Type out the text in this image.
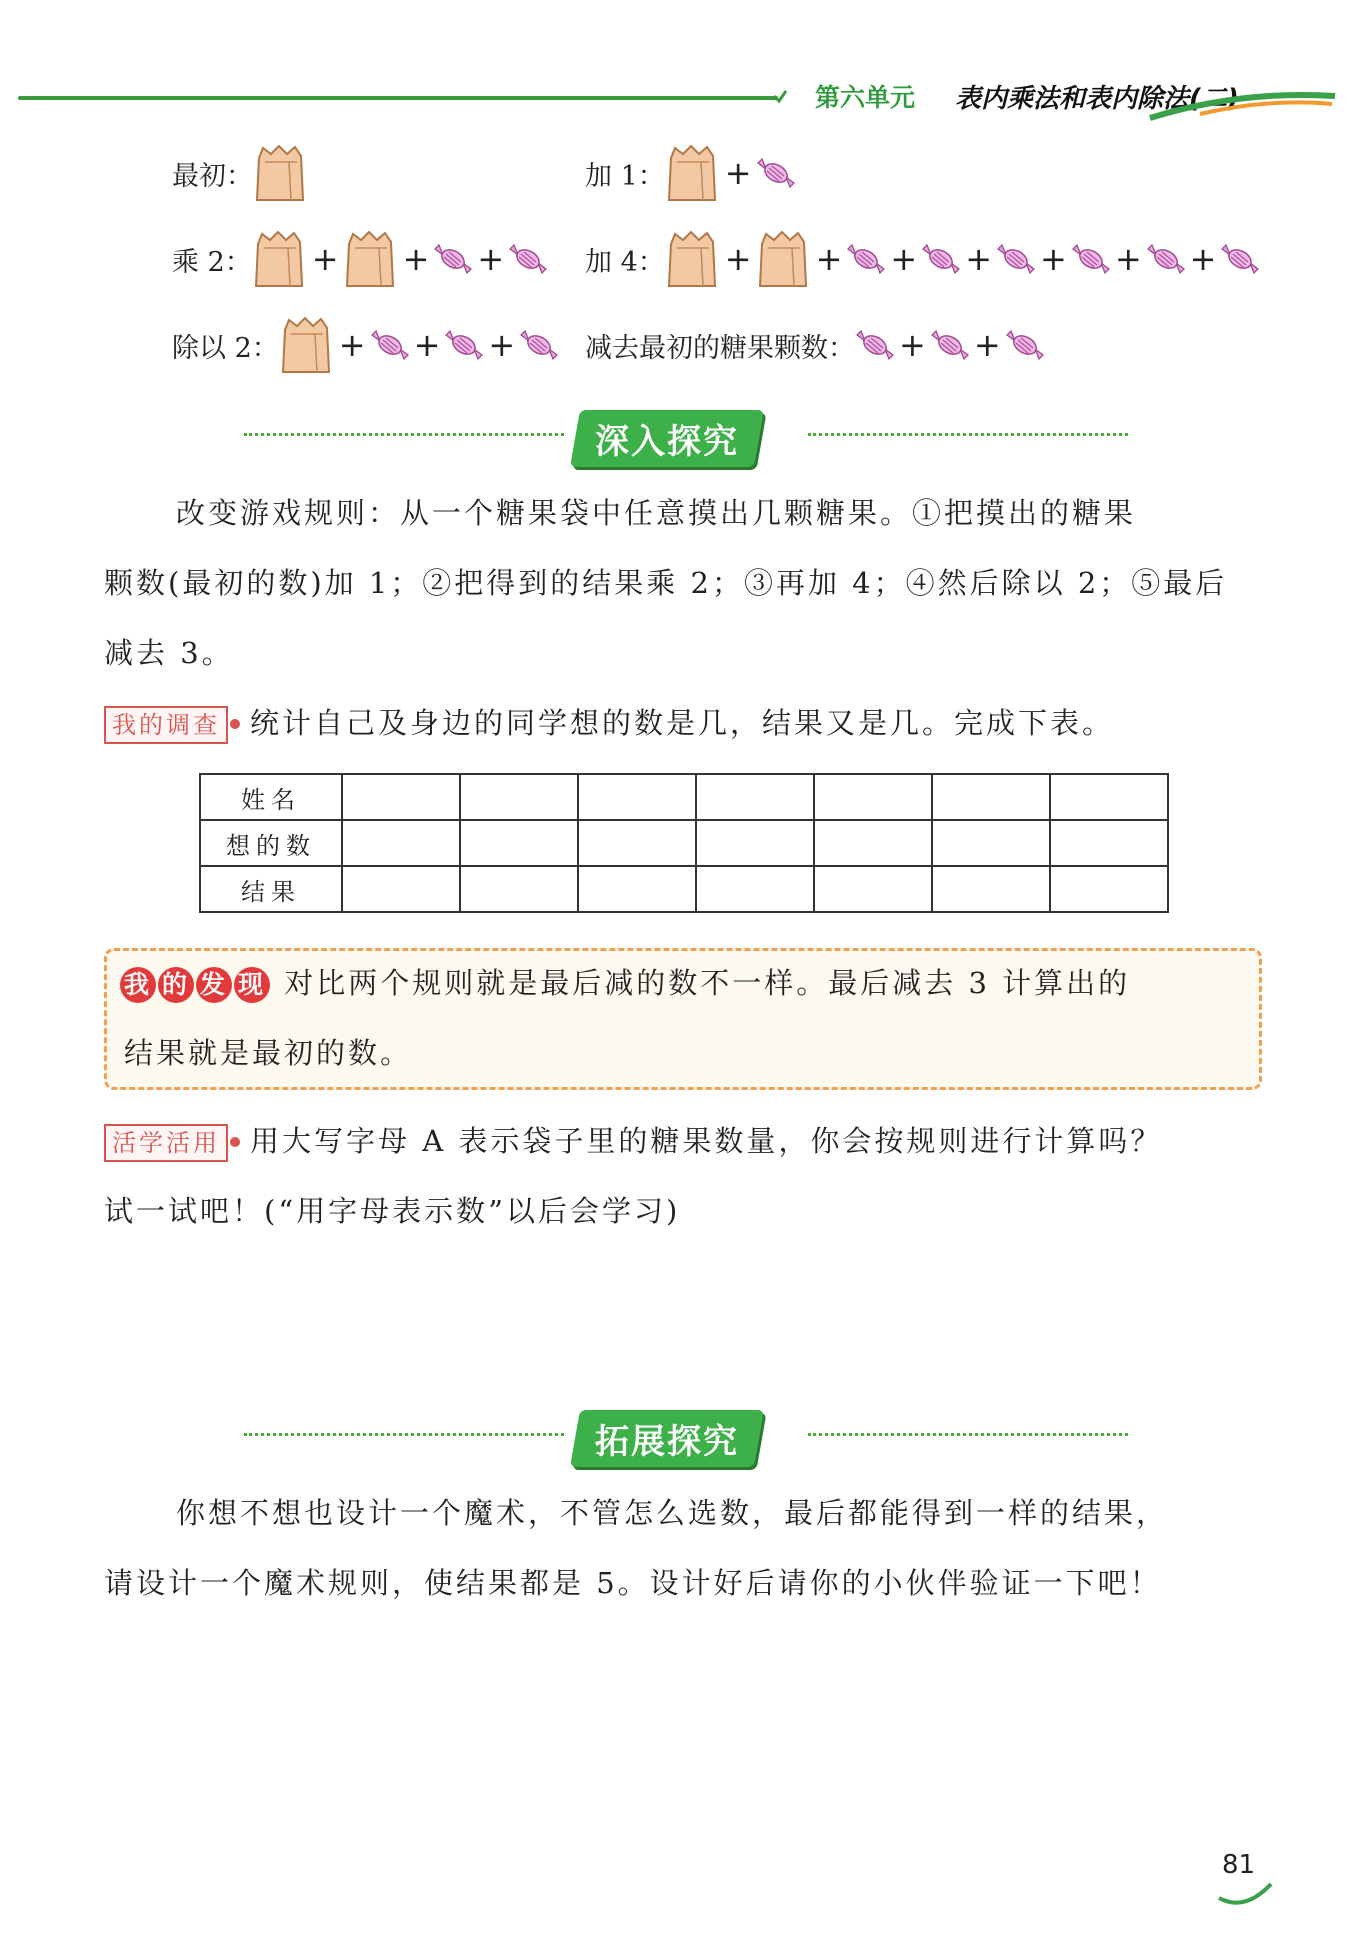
第六单元 表内乘法和表内除法(二)
最初：
乘 2： + + +
除以 2： + + +
加 1： +
加 4： + + + + + + +
减去最初的糖果颗数： + +
深入探究
改变游戏规则：从一个糖果袋中任意摸出几颗糖果。①把摸出的糖果
颗数(最初的数)加 1；②把得到的结果乘 2；③再加 4；④然后除以 2；⑤最后
减去 3。
我的调查 统计自己及身边的同学想的数是几，结果又是几。完成下表。
姓名							
想的数							
结果							
我 的 发 现 对比两个规则就是最后减的数不一样。最后减去 3 计算出的
结果就是最初的数。
活学活用 用大写字母 A 表示袋子里的糖果数量，你会按规则进行计算吗？
试一试吧！(“用字母表示数”以后会学习)
拓展探究
你想不想也设计一个魔术，不管怎么选数，最后都能得到一样的结果，
请设计一个魔术规则，使结果都是 5。设计好后请你的小伙伴验证一下吧！
81
